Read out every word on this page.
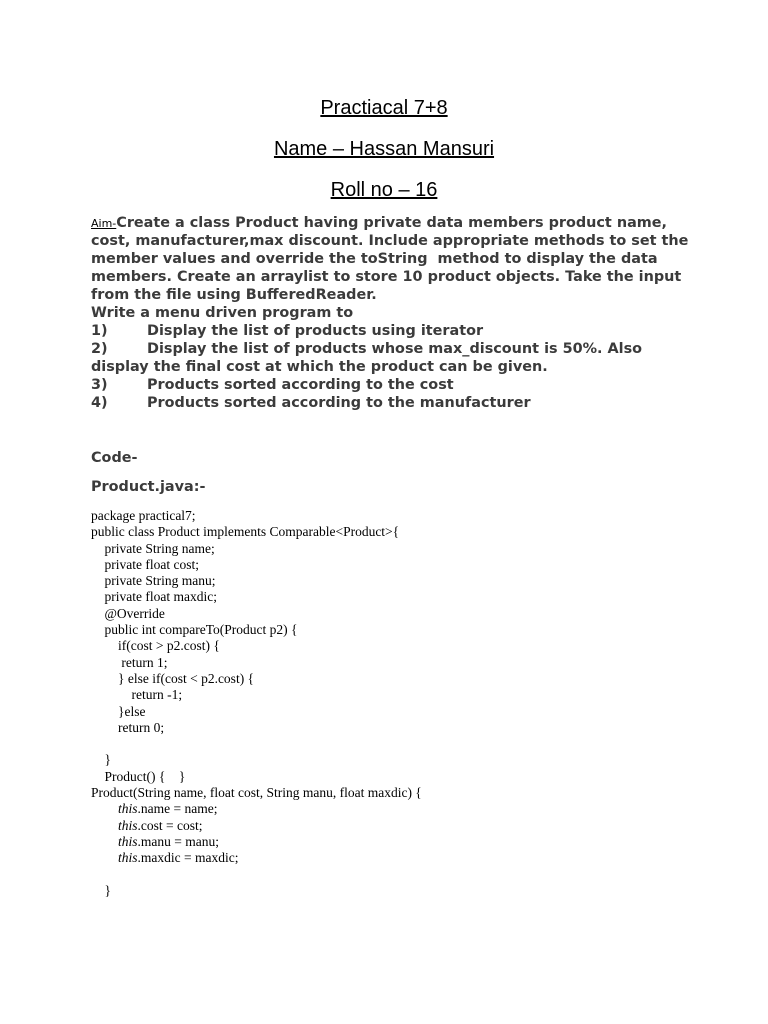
Practiacal 7+8
Name – Hassan Mansuri
Roll no – 16
Aim-Create a class Product having private data members product name,
cost, manufacturer,max discount. Include appropriate methods to set the
member values and override the toString  method to display the data
members. Create an arraylist to store 10 product objects. Take the input
from the file using BufferedReader.
Write a menu driven program to
1)	Display the list of products using iterator
2)	Display the list of products whose max_discount is 50%. Also
display the final cost at which the product can be given.
3)	Products sorted according to the cost
4)	Products sorted according to the manufacturer
Code-
Product.java:-
package practical7;
public class Product implements Comparable<Product>{
private String name;
private float cost;
private String manu;
private float maxdic;
@Override
public int compareTo(Product p2) {
if(cost > p2.cost) {
return 1;
} else if(cost < p2.cost) {
return -1;
}else
return 0;
}
Product() {    }
Product(String name, float cost, String manu, float maxdic) {
this.name = name;
this.cost = cost;
this.manu = manu;
this.maxdic = maxdic;
}
